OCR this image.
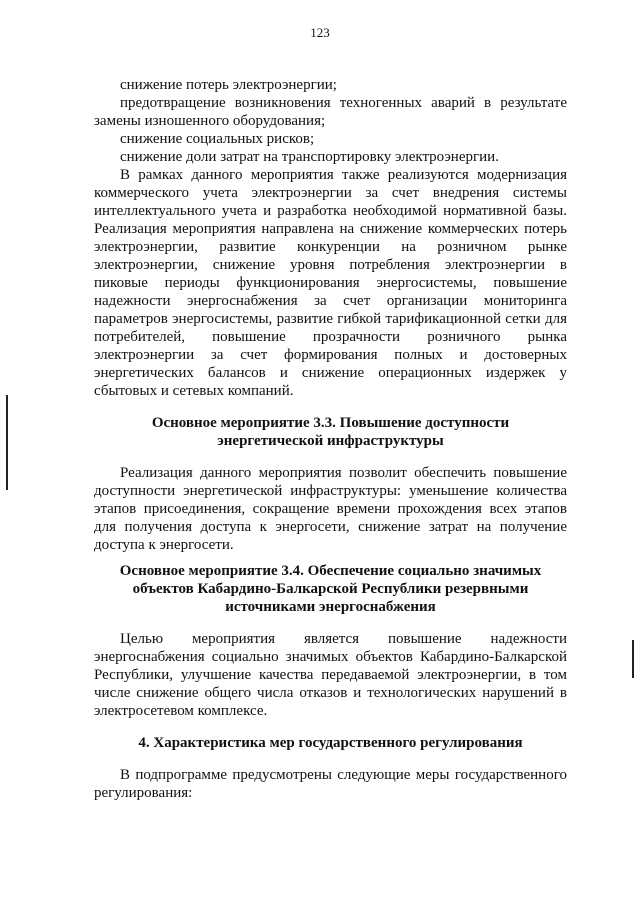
123

снижение потерь электроэнергии;

предотвращение возникновения техногенных аварий в результате замены изношенного оборудования;

снижение социальных рисков;

снижение доли затрат на транспортировку электроэнергии.

В рамках данного мероприятия также реализуются модернизация коммерческого учета электроэнергии за счет внедрения системы интеллектуального учета и разработка необходимой нормативной базы. Реализация мероприятия направлена на снижение коммерческих потерь электроэнергии, развитие конкуренции на розничном рынке электроэнергии, снижение уровня потребления электроэнергии в пиковые периоды функционирования энергосистемы, повышение надежности энергоснабжения за счет организации мониторинга параметров энергосистемы, развитие гибкой тарификационной сетки для потребителей, повышение прозрачности розничного рынка электроэнергии за счет формирования полных и достоверных энергетических балансов и снижение операционных издержек у сбытовых и сетевых компаний.

Основное мероприятие 3.3. Повышение доступности

энергетической инфраструктуры

Реализация данного мероприятия позволит обеспечить повышение доступности энергетической инфраструктуры: уменьшение количества этапов присоединения, сокращение времени прохождения всех этапов для получения доступа к энергосети, снижение затрат на получение доступа к энергосети.

Основное мероприятие 3.4. Обеспечение социально значимых

объектов Кабардино-Балкарской Республики резервными

источниками энергоснабжения

Целью мероприятия является повышение надежности энергоснабжения социально значимых объектов Кабардино-Балкарской Республики, улучшение качества передаваемой электроэнергии, в том числе снижение общего числа отказов и технологических нарушений в электросетевом комплексе.

4. Характеристика мер государственного регулирования

В подпрограмме предусмотрены следующие меры государственного регулирования:
